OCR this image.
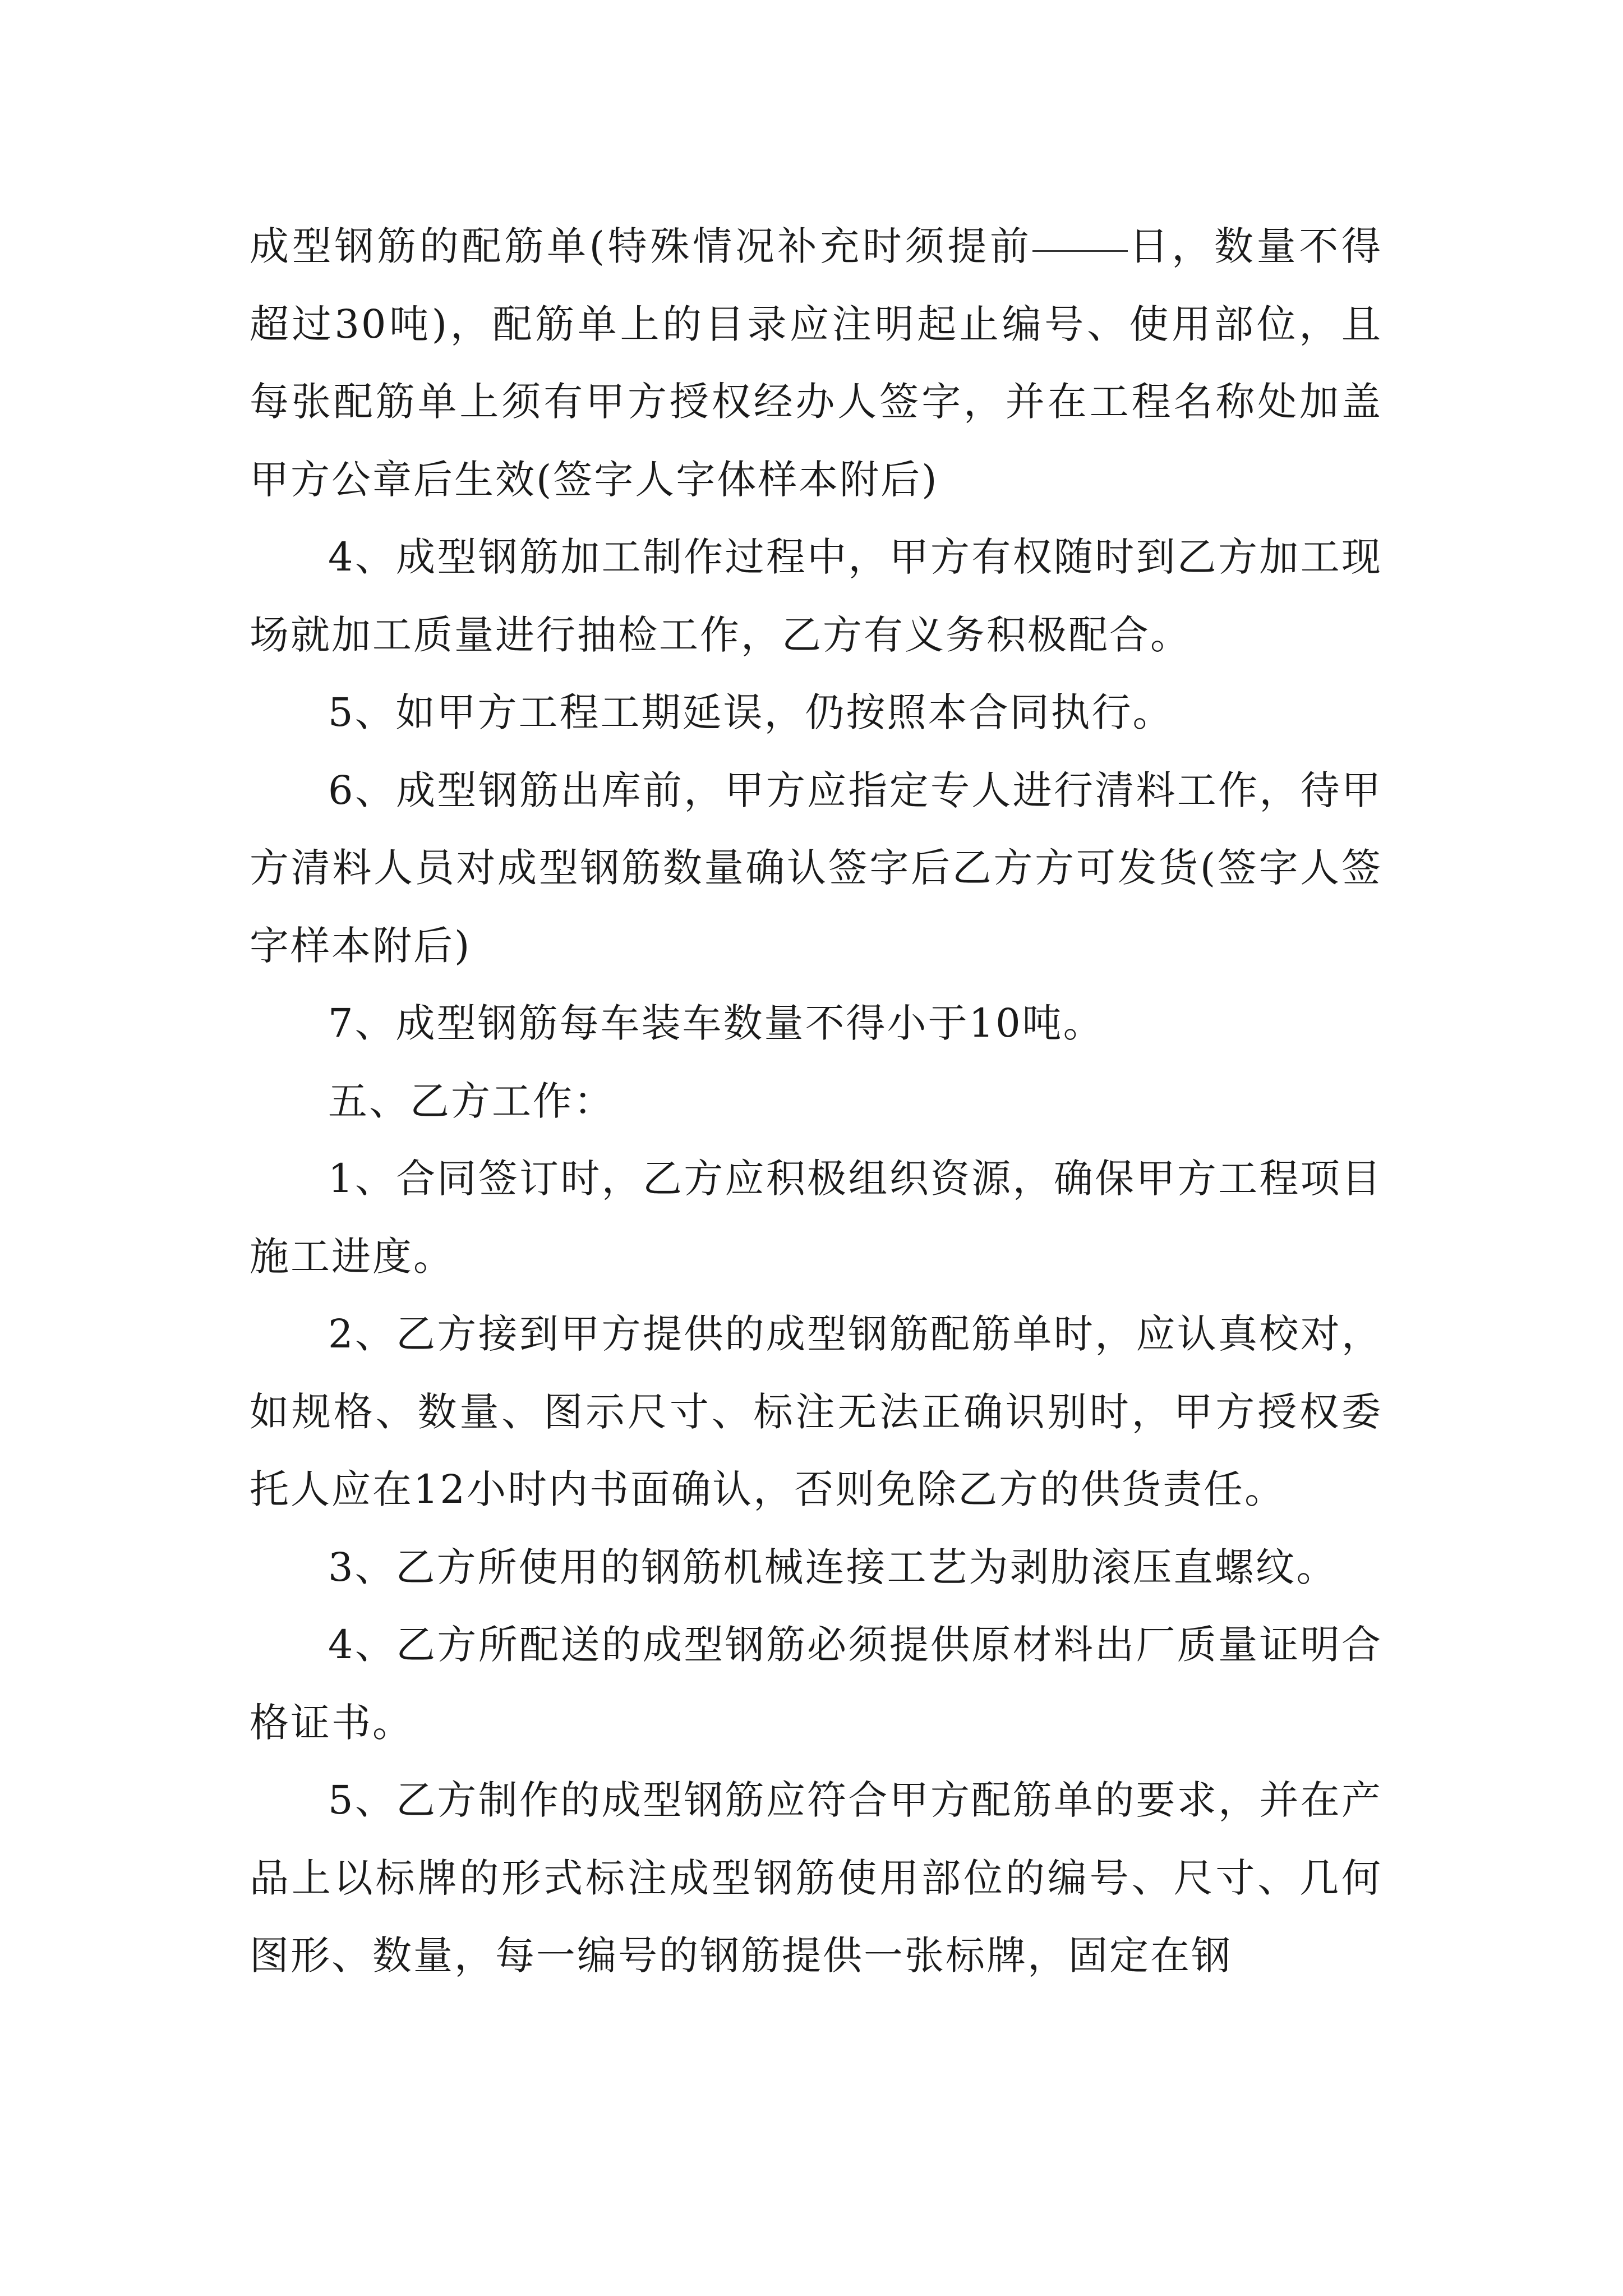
成型钢筋的配筋单(特殊情况补充时须提前 日，数量不得超过30吨)，配筋单上的目录应注明起止编号、使用部位，且每张配筋单上须有甲方授权经办人签字，并在工程名称处加盖甲方公章后生效(签字人字体样本附后)

4、成型钢筋加工制作过程中，甲方有权随时到乙方加工现场就加工质量进行抽检工作，乙方有义务积极配合。

5、如甲方工程工期延误，仍按照本合同执行。

6、成型钢筋出库前，甲方应指定专人进行清料工作，待甲方清料人员对成型钢筋数量确认签字后乙方方可发货(签字人签字样本附后)

7、成型钢筋每车装车数量不得小于10吨。

五、乙方工作：

1、合同签订时，乙方应积极组织资源，确保甲方工程项目施工进度。

2、乙方接到甲方提供的成型钢筋配筋单时，应认真校对，如规格、数量、图示尺寸、标注无法正确识别时，甲方授权委托人应在12小时内书面确认，否则免除乙方的供货责任。

3、乙方所使用的钢筋机械连接工艺为剥肋滚压直螺纹。

4、乙方所配送的成型钢筋必须提供原材料出厂质量证明合格证书。

5、乙方制作的成型钢筋应符合甲方配筋单的要求，并在产品上以标牌的形式标注成型钢筋使用部位的编号、尺寸、几何图形、数量，每一编号的钢筋提供一张标牌，固定在钢
